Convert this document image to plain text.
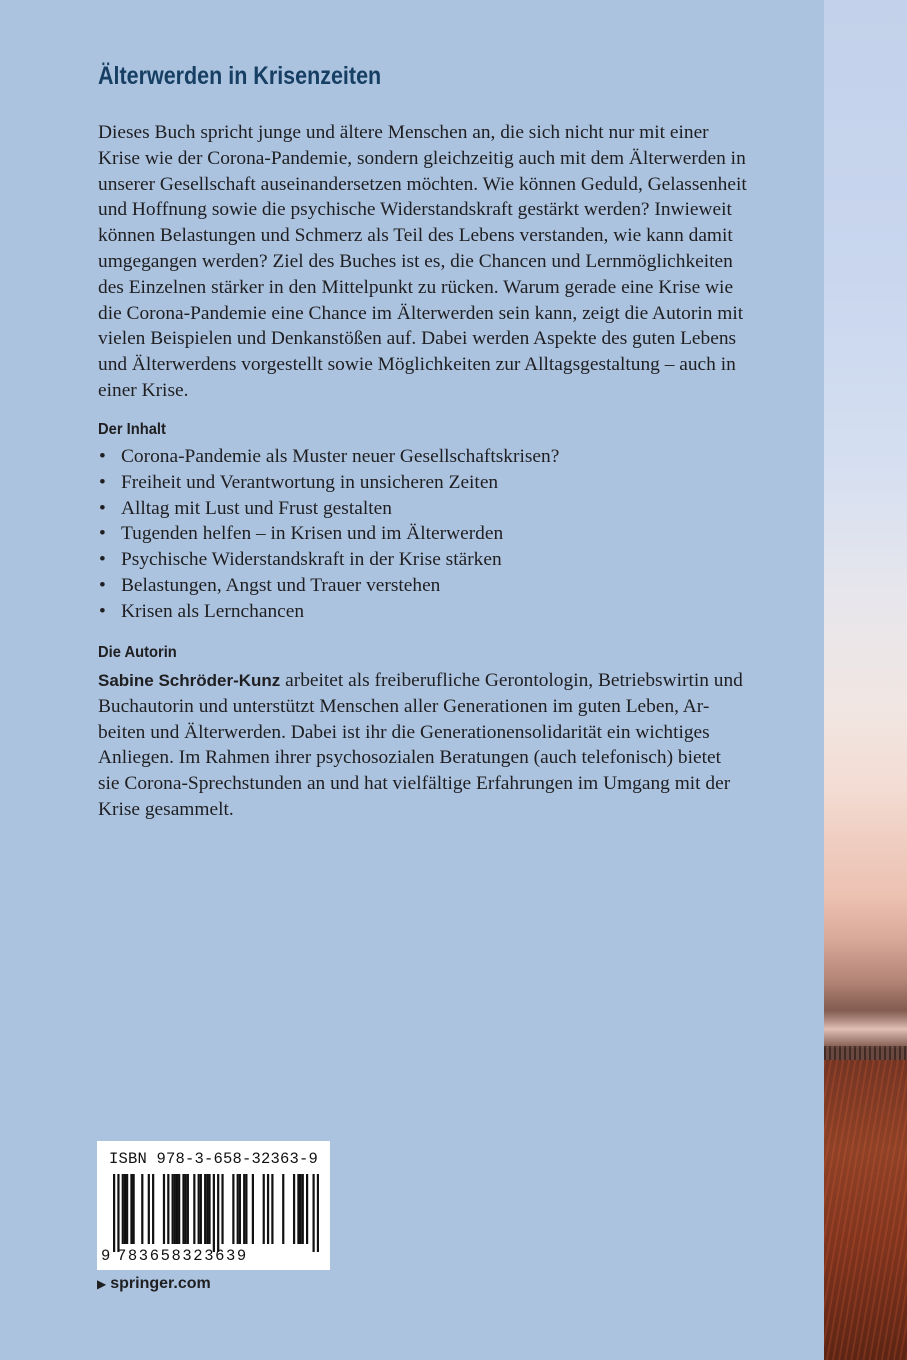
Älterwerden in Krisenzeiten
Dieses Buch spricht junge und ältere Menschen an, die sich nicht nur mit einer
Krise wie der Corona-Pandemie, sondern gleichzeitig auch mit dem Älterwerden in
unserer Gesellschaft auseinandersetzen möchten. Wie können Geduld, Gelassenheit
und Hoffnung sowie die psychische Widerstandskraft gestärkt werden? Inwieweit
können Belastungen und Schmerz als Teil des Lebens verstanden, wie kann damit
umgegangen werden? Ziel des Buches ist es, die Chancen und Lernmöglichkeiten
des Einzelnen stärker in den Mittelpunkt zu rücken. Warum gerade eine Krise wie
die Corona-Pandemie eine Chance im Älterwerden sein kann, zeigt die Autorin mit
vielen Beispielen und Denkanstößen auf. Dabei werden Aspekte des guten Lebens
und Älterwerdens vorgestellt sowie Möglichkeiten zur Alltagsgestaltung – auch in
einer Krise.
Der Inhalt
• Corona-Pandemie als Muster neuer Gesellschaftskrisen?
• Freiheit und Verantwortung in unsicheren Zeiten
• Alltag mit Lust und Frust gestalten
• Tugenden helfen – in Krisen und im Älterwerden
• Psychische Widerstandskraft in der Krise stärken
• Belastungen, Angst und Trauer verstehen
• Krisen als Lernchancen
Die Autorin
Sabine Schröder-Kunz arbeitet als freiberufliche Gerontologin, Betriebswirtin und
Buchautorin und unterstützt Menschen aller Generationen im guten Leben, Ar-
beiten und Älterwerden. Dabei ist ihr die Generationensolidarität ein wichtiges
Anliegen. Im Rahmen ihrer psychosozialen Beratungen (auch telefonisch) bietet
sie Corona-Sprechstunden an und hat vielfältige Erfahrungen im Umgang mit der
Krise gesammelt.
ISBN 978-3-658-32363-9
9 783658323639
▶ springer.com
